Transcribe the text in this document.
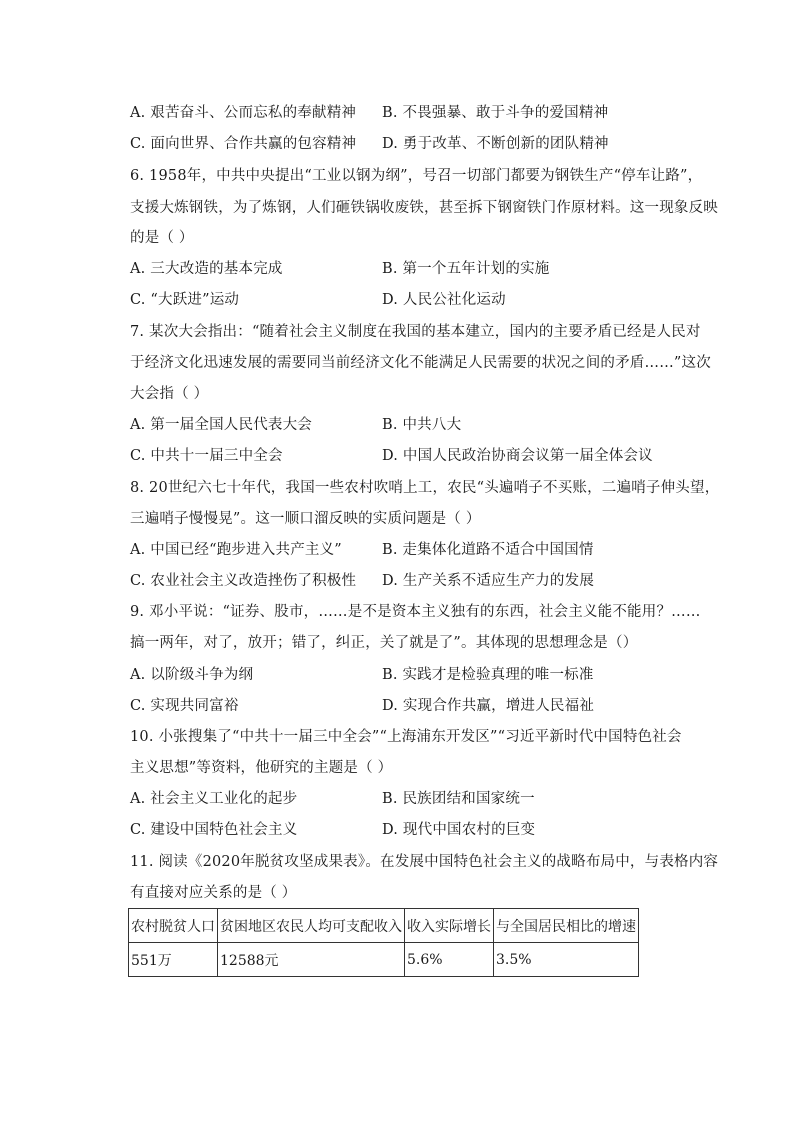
A. 艰苦奋斗、公而忘私的奉献精神 B. 不畏强暴、敢于斗争的爱国精神
C. 面向世界、合作共赢的包容精神 D. 勇于改革、不断创新的团队精神
6. 1958年，中共中央提出“工业以钢为纲”，号召一切部门都要为钢铁生产“停车让路”，
支援大炼钢铁，为了炼钢，人们砸铁锅收废铁，甚至拆下钢窗铁门作原材料。这一现象反映
的是（ ）
A. 三大改造的基本完成	B. 第一个五年计划的实施
C. “大跃进”运动	D. 人民公社化运动
7. 某次大会指出：“随着社会主义制度在我国的基本建立，国内的主要矛盾已经是人民对
于经济文化迅速发展的需要同当前经济文化不能满足人民需要的状况之间的矛盾……”这次
大会指（ ）
A. 第一届全国人民代表大会	B. 中共八大
C. 中共十一届三中全会	D. 中国人民政治协商会议第一届全体会议
8. 20世纪六七十年代，我国一些农村吹哨上工，农民“头遍哨子不买账，二遍哨子伸头望，
三遍哨子慢慢晃”。这一顺口溜反映的实质问题是（ ）
A. 中国已经“跑步进入共产主义”	B. 走集体化道路不适合中国国情
C. 农业社会主义改造挫伤了积极性 D. 生产关系不适应生产力的发展
9. 邓小平说：“证券、股市，……是不是资本主义独有的东西，社会主义能不能用？……
搞一两年，对了，放开；错了，纠正，关了就是了”。其体现的思想理念是（）
A. 以阶级斗争为纲	B. 实践才是检验真理的唯一标准
C. 实现共同富裕	D. 实现合作共赢，增进人民福祉
10. 小张搜集了“中共十一届三中全会”“上海浦东开发区”“习近平新时代中国特色社会
主义思想”等资料，他研究的主题是（ ）
A. 社会主义工业化的起步	B. 民族团结和国家统一
C. 建设中国特色社会主义	D. 现代中国农村的巨变
11. 阅读《2020年脱贫攻坚成果表》。在发展中国特色社会主义的战略布局中，与表格内容
有直接对应关系的是（ ）
农村脱贫人口	贫困地区农民人均可支配收入	收入实际增长	与全国居民相比的增速
551万	12588元	5.6%	3.5%
